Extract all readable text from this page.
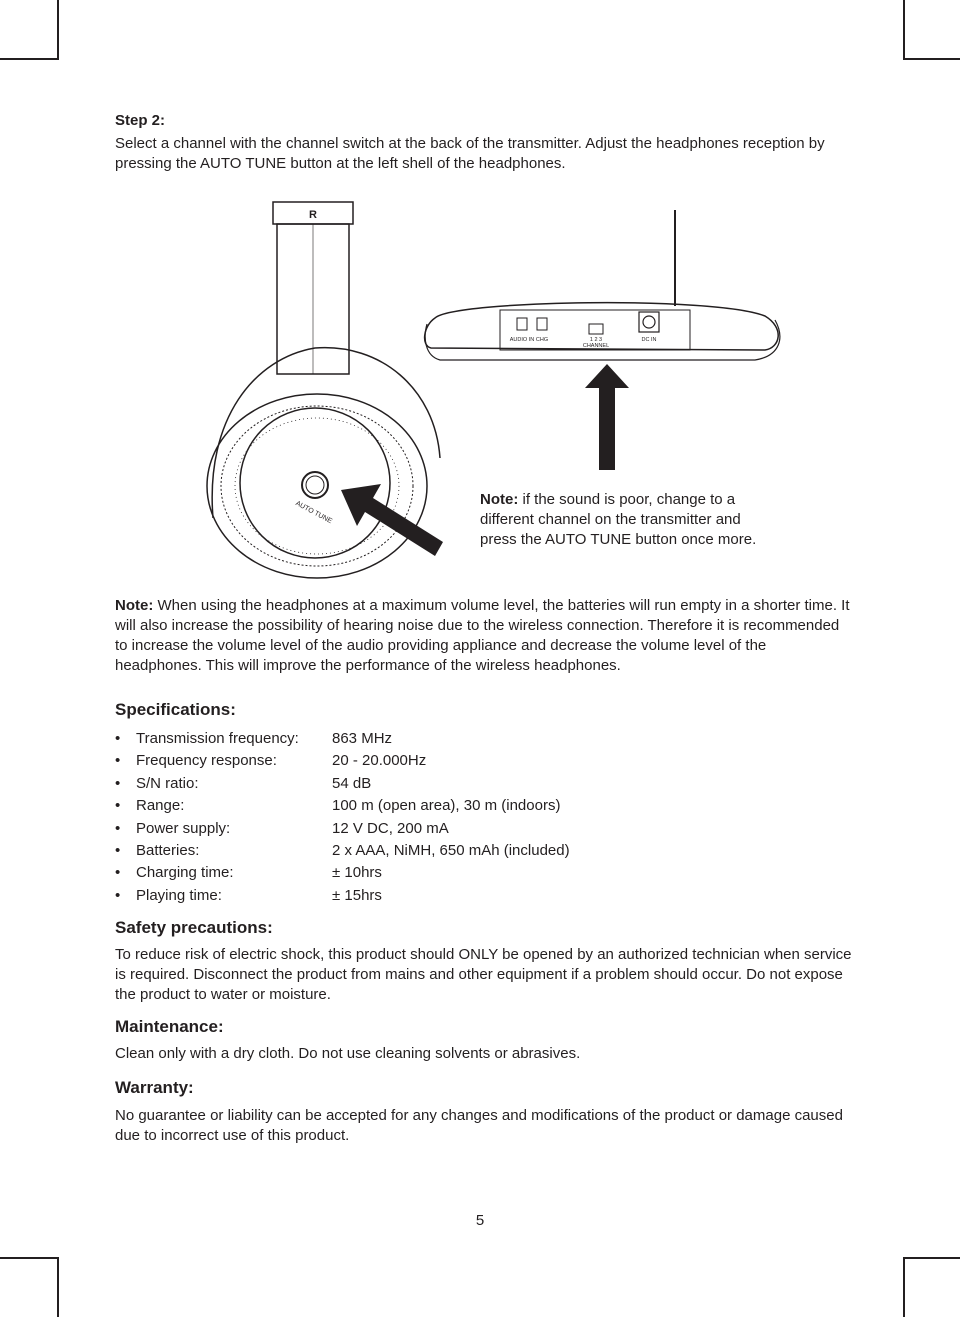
Step 2:
Select a channel with the channel switch at the back of the transmitter. Adjust the headphones reception by pressing the AUTO TUNE button at the left shell of the headphones.
R
AUTO TUNE
AUDIO IN CHG	1 2 3
CHANNEL
DC IN
Note: if the sound is poor, change to a different channel on the transmitter and press the AUTO TUNE button once more.
Note: When using the headphones at a maximum volume level, the batteries will run empty in a shorter time. It will also increase the possibility of hearing noise due to the wireless connection. Therefore it is recommended to increase the volume level of the audio providing appliance and decrease the volume level of the headphones. This will improve the performance of the wireless headphones.
Specifications:
• Transmission frequency: 863 MHz
• Frequency response:	20 - 20.000Hz
• S/N ratio:	54 dB
• Range:	100 m (open area), 30 m (indoors)
• Power supply:	12 V DC, 200 mA
• Batteries:	2 x AAA, NiMH, 650 mAh (included)
• Charging time:	± 10hrs
• Playing time:	± 15hrs
Safety precautions:
To reduce risk of electric shock, this product should ONLY be opened by an authorized technician when service is required. Disconnect the product from mains and other equipment if a problem should occur. Do not expose the product to water or moisture.
Maintenance:
Clean only with a dry cloth. Do not use cleaning solvents or abrasives.
Warranty:
No guarantee or liability can be accepted for any changes and modifications of the product or damage caused due to incorrect use of this product.
5
